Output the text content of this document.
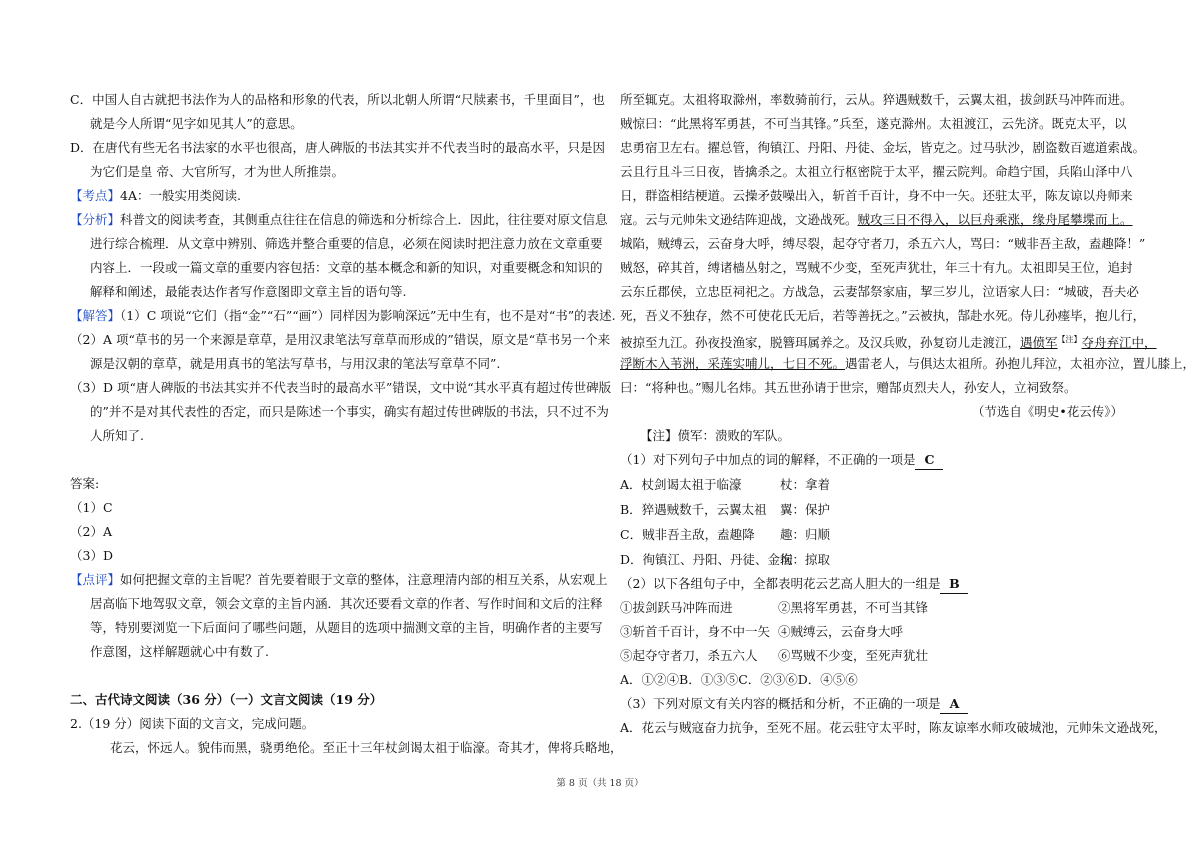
C．中国人自古就把书法作为人的品格和形象的代表，所以北朝人所谓“尺牍素书，千里面目”，也
就是今人所谓“见字如见其人”的意思。
D．在唐代有些无名书法家的水平也很高，唐人碑版的书法其实并不代表当时的最高水平，只是因
为它们是皇 帝、大官所写，才为世人所推崇。
【考点】4A：一般实用类阅读.
【分析】科普文的阅读考查，其侧重点往往在信息的筛选和分析综合上．因此，往往要对原文信息
进行综合梳理．从文章中辨别、筛选并整合重要的信息，必须在阅读时把注意力放在文章重要
内容上．一段或一篇文章的重要内容包括：文章的基本概念和新的知识，对重要概念和知识的
解释和阐述，最能表达作者写作意图即文章主旨的语句等.
【解答】（1）C 项说“它们（指“金”“石”“画”）同样因为影响深远”无中生有，也不是对“书”的表述.
（2）A 项“草书的另一个来源是章草，是用汉隶笔法写章草而形成的”错误，原文是“草书另一个来
源是汉朝的章草，就是用真书的笔法写草书，与用汉隶的笔法写章草不同”.
（3）D 项“唐人碑版的书法其实并不代表当时的最高水平”错误，文中说“其水平真有超过传世碑版
的”并不是对其代表性的否定，而只是陈述一个事实，确实有超过传世碑版的书法，只不过不为
人所知了.
答案:
（1）C
（2）A
（3）D
【点评】如何把握文章的主旨呢？首先要着眼于文章的整体，注意理清内部的相互关系，从宏观上
居高临下地驾驭文章，领会文章的主旨内涵．其次还要看文章的作者、写作时间和文后的注释
等，特别要浏览一下后面问了哪些问题，从题目的选项中揣测文章的主旨，明确作者的主要写
作意图，这样解题就心中有数了.
二、古代诗文阅读（36 分）（一）文言文阅读（19 分）
2.（19 分）阅读下面的文言文，完成问题。
花云，怀远人。貌伟而黑，骁勇绝伦。至正十三年杖剑谒太祖于临濠。奇其才，俾将兵略地，
所至辄克。太祖将取滁州，率数骑前行，云从。猝遇贼数千，云翼太祖，拔剑跃马冲阵而进。
贼惊曰：“此黑将军勇甚，不可当其锋。”兵至，遂克滁州。太祖渡江，云先济。既克太平，以
忠勇宿卫左右。擢总管，徇镇江、丹阳、丹徒、金坛，皆克之。过马驮沙，剧盗数百遮道索战。
云且行且斗三日夜，皆擒杀之。太祖立行枢密院于太平，擢云院判。命趋宁国，兵陷山泽中八
日，群盗相结梗道。云操矛鼓噪出入，斩首千百计，身不中一矢。还驻太平，陈友谅以舟师来
寇。云与元帅朱文逊结阵迎战，文逊战死。贼攻三日不得入，以巨舟乘涨，缘舟尾攀堞而上。
城陷，贼缚云，云奋身大呼，缚尽裂，起夺守者刀，杀五六人，骂曰：“贼非吾主敌，盍趣降！”
贼怒，碎其首，缚诸樯丛射之，骂贼不少变，至死声犹壮，年三十有九。太祖即吴王位，追封
云东丘郡侯，立忠臣祠祀之。方战急，云妻郜祭家庙，挈三岁儿，泣语家人曰：“城破，吾夫必
死，吾义不独存，然不可使花氏无后，若等善抚之。”云被执，郜赴水死。侍儿孙瘗毕，抱儿行，
被掠至九江。孙夜投渔家，脱簪珥属养之。及汉兵败，孙复窃儿走渡江，遇偾军$^{【注】}$夺舟弃江中，
浮断木入苇洲，采莲实哺儿，七日不死。遇雷老人，与俱达太祖所。孙抱儿拜泣，太祖亦泣，置儿膝上，
曰：“将种也。”赐儿名炜。其五世孙请于世宗，赠郜贞烈夫人，孙安人，立祠致祭。
（节选自《明史•花云传》）
【注】偾军：溃败的军队。
（1）对下列句子中加点的词的解释，不正确的一项是 C
A．杖剑谒太祖于临濠	杖：拿着
B．猝遇贼数千，云翼太祖 翼：保护
C．贼非吾主敌，盍趣降 趣：归顺
D．徇镇江、丹阳、丹徒、金坛
徇：掠取
（2）以下各组句子中，全都表明花云艺高人胆大的一组是 B
①拔剑跃马冲阵而进	②黑将军勇甚，不可当其锋
③斩首千百计，身不中一矢 ④贼缚云，云奋身大呼
⑤起夺守者刀，杀五六人 ⑥骂贼不少变，至死声犹壮
A．①②④B．①③⑤C．②③⑥D．④⑤⑥
（3）下列对原文有关内容的概括和分析，不正确的一项是 A
A．花云与贼寇奋力抗争，至死不屈。花云驻守太平时，陈友谅率水师攻破城池，元帅朱文逊战死，
第 8 页（共 18 页）
